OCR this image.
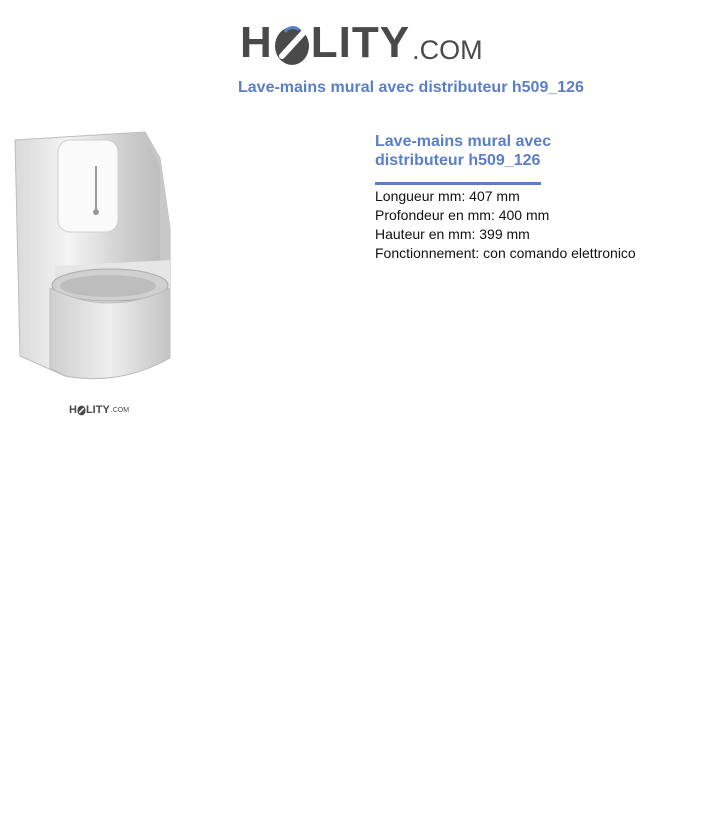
H LITY .COM
Lave-mains mural avec distributeur h509_126
H LITY .COM
Lave-mains mural avec distributeur h509_126
Longueur mm: 407 mm
Profondeur en mm: 400 mm
Hauteur en mm: 399 mm
Fonctionnement: con comando elettronico
